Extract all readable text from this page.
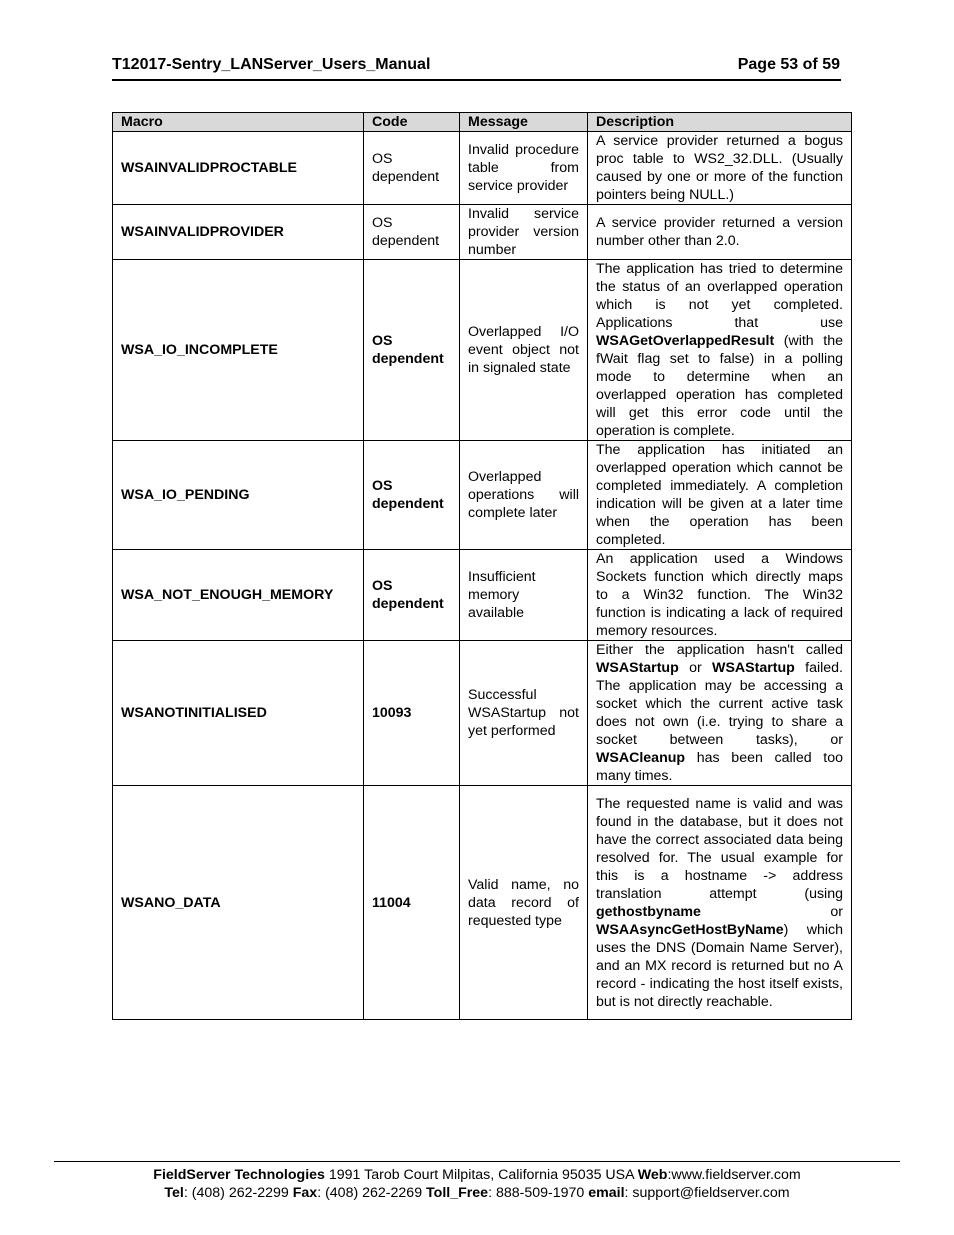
T12017-Sentry_LANServer_Users_Manual	Page 53 of 59
Macro	Code	Message	Description
WSAINVALIDPROCTABLE	OS dependent	Invalid procedure table from service provider	A service provider returned a bogus proc table to WS2_32.DLL. (Usually caused by one or more of the function pointers being NULL.)
WSAINVALIDPROVIDER	OS dependent	Invalid service provider version number	A service provider returned a version number other than 2.0.
WSA_IO_INCOMPLETE	OS dependent	Overlapped I/O event object not in signaled state	The application has tried to determine the status of an overlapped operation which is not yet completed. Applications that use WSAGetOverlappedResult (with the fWait flag set to false) in a polling mode to determine when an overlapped operation has completed will get this error code until the operation is complete.
WSA_IO_PENDING	OS dependent	Overlapped operations will complete later	The application has initiated an overlapped operation which cannot be completed immediately. A completion indication will be given at a later time when the operation has been completed.
WSA_NOT_ENOUGH_MEMORY	OS dependent	Insufficient memory available	An application used a Windows Sockets function which directly maps to a Win32 function. The Win32 function is indicating a lack of required memory resources.
WSANOTINITIALISED	10093	Successful WSAStartup not yet performed	Either the application hasn't called WSAStartup or WSAStartup failed. The application may be accessing a socket which the current active task does not own (i.e. trying to share a socket between tasks), or WSACleanup has been called too many times.
WSANO_DATA	11004	Valid name, no data record of requested type	The requested name is valid and was found in the database, but it does not have the correct associated data being resolved for. The usual example for this is a hostname -> address translation attempt (using gethostbyname or WSAAsyncGetHostByName) which uses the DNS (Domain Name Server), and an MX record is returned but no A record - indicating the host itself exists, but is not directly reachable.
FieldServer Technologies 1991 Tarob Court Milpitas, California 95035 USA Web:www.fieldserver.com
Tel: (408) 262-2299 Fax: (408) 262-2269 Toll_Free: 888-509-1970 email: support@fieldserver.com
